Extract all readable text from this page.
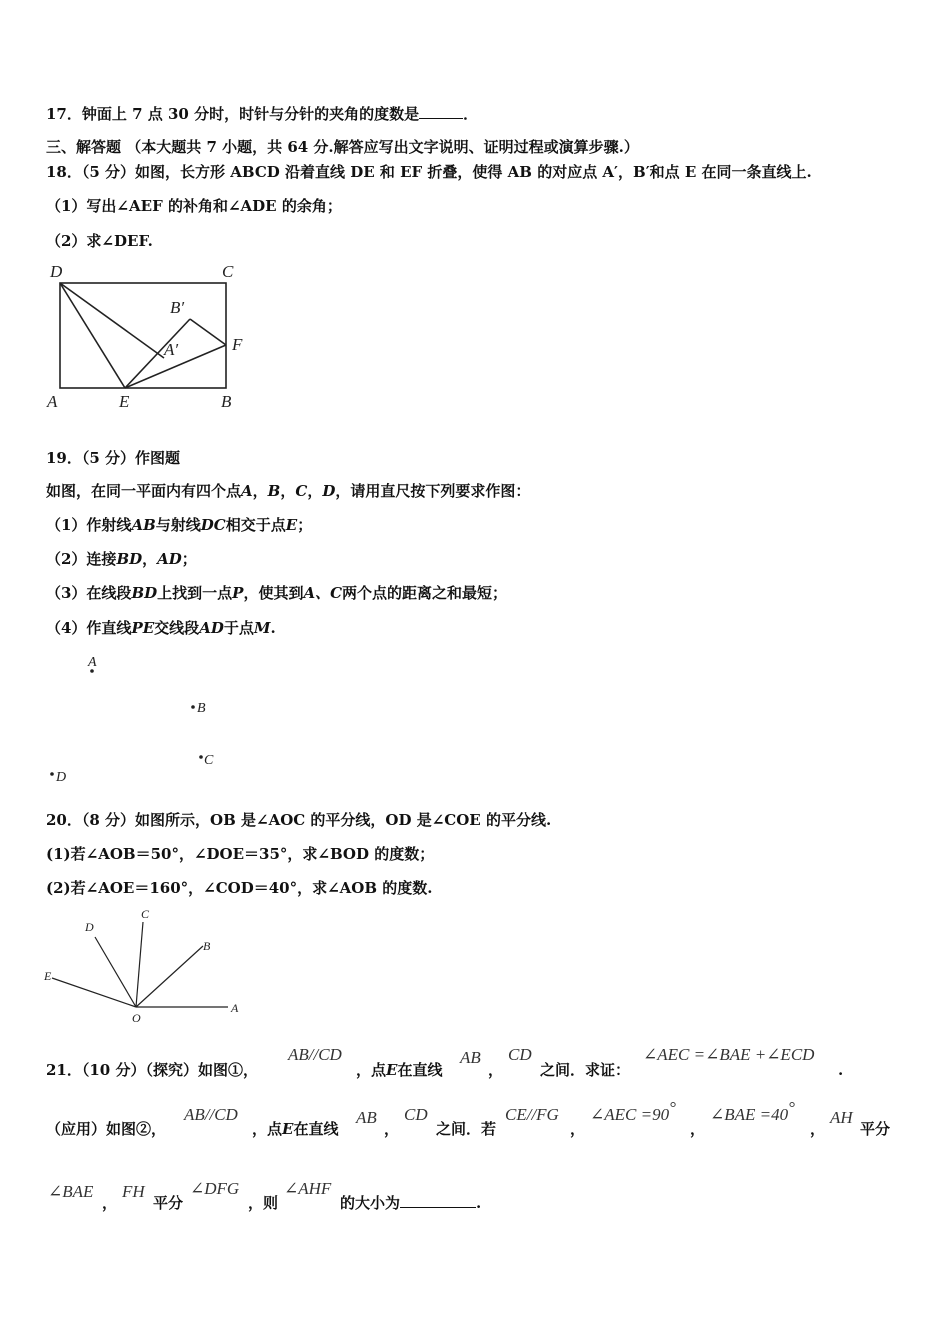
17．钟面上 7 点 30 分时，时针与分针的夹角的度数是	．
三、解答题 （本大题共 7 小题，共 64 分.解答应写出文字说明、证明过程或演算步骤.）
18．（5 分）如图，长方形 ABCD 沿着直线 DE 和 EF 折叠，使得 AB 的对应点 A′，B′和点 E 在同一条直线上.
（1）写出∠AEF 的补角和∠ADE 的余角；
（2）求∠DEF.
D	C
B′
A′	F
A	E	B
19．（5 分）作图题
如图，在同一平面内有四个点A，B，C，D，请用直尺按下列要求作图：
（1）作射线AB与射线DC相交于点E；
（2）连接BD，AD；
（3）在线段BD上找到一点P，使其到A、C两个点的距离之和最短；
（4）作直线PE交线段AD于点M.
A
B
C
D
20．（8 分）如图所示，OB 是∠AOC 的平分线，OD 是∠COE 的平分线.
(1)若∠AOB＝50°，∠DOE＝35°，求∠BOD 的度数；
(2)若∠AOE＝160°，∠COD＝40°，求∠AOB 的度数.
D
C
B
E
O
A
21．（10 分）（探究）如图①，
AB//CD
，点E在直线
AB
，
CD
之间．求证：
∠AEC =∠BAE +∠ECD
.
（应用）如图②，
AB//CD
，点E在直线
AB
，
CD
之间．若
CE//FG
，
∠AEC =90°
，
∠BAE =40°
，
AH
平分
∠BAE
，
FH
平分
∠DFG
，则
∠AHF
的大小为	.
